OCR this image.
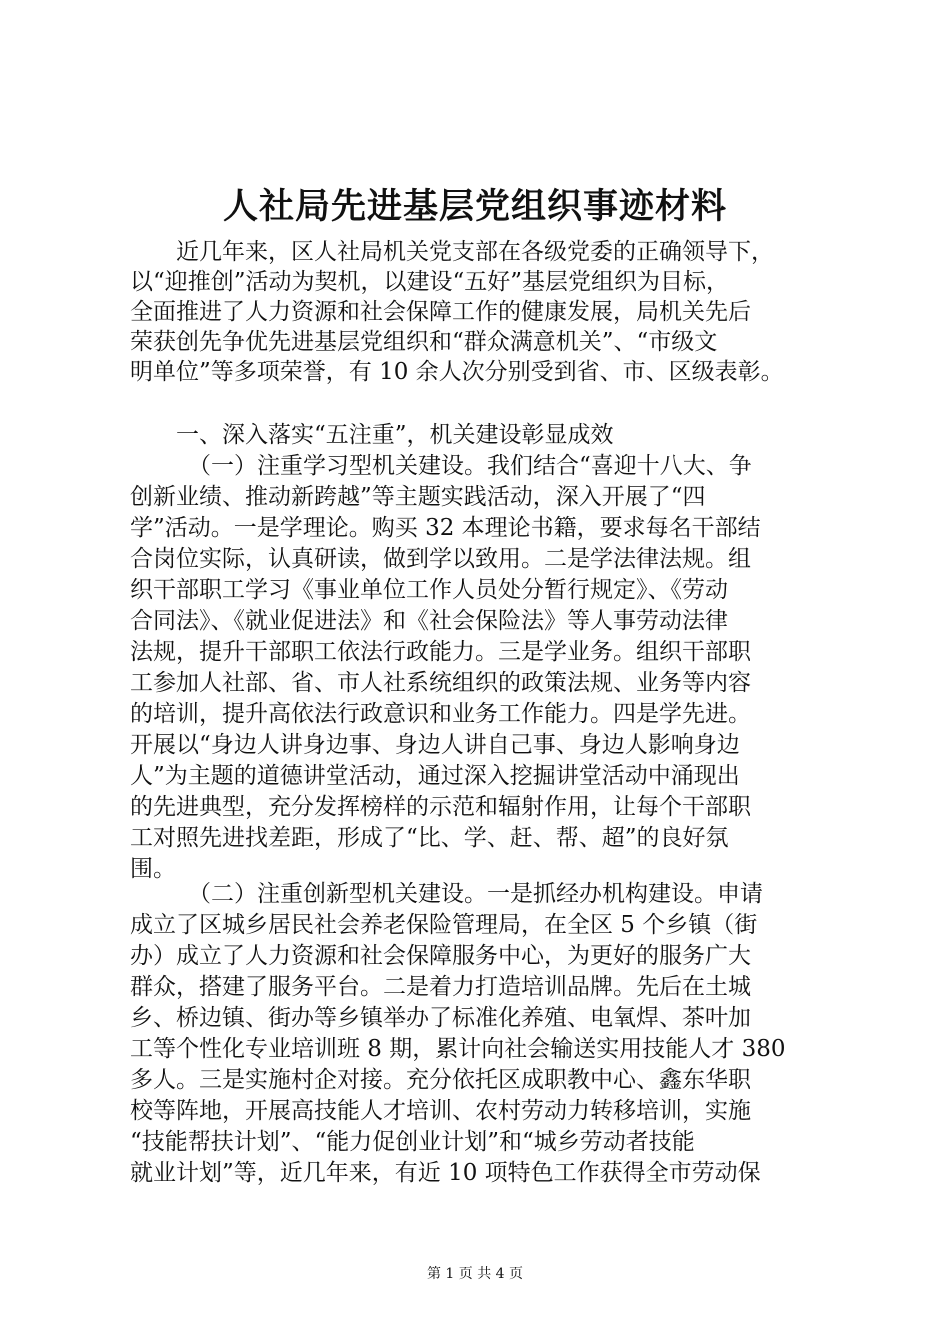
人社局先进基层党组织事迹材料
近几年来，区人社局机关党支部在各级党委的正确领导下，
以“迎推创”活动为契机，以建设“五好”基层党组织为目标，
全面推进了人力资源和社会保障工作的健康发展，局机关先后
荣获创先争优先进基层党组织和“群众满意机关”、“市级文
明单位”等多项荣誉，有 10 余人次分别受到省、市、区级表彰。
一、深入落实“五注重”，机关建设彰显成效
（一）注重学习型机关建设。我们结合“喜迎十八大、争
创新业绩、推动新跨越”等主题实践活动，深入开展了“四
学”活动。一是学理论。购买 32 本理论书籍，要求每名干部结
合岗位实际，认真研读，做到学以致用。二是学法律法规。组
织干部职工学习《事业单位工作人员处分暂行规定》、《劳动
合同法》、《就业促进法》和《社会保险法》等人事劳动法律
法规，提升干部职工依法行政能力。三是学业务。组织干部职
工参加人社部、省、市人社系统组织的政策法规、业务等内容
的培训，提升高依法行政意识和业务工作能力。四是学先进。
开展以“身边人讲身边事、身边人讲自己事、身边人影响身边
人”为主题的道德讲堂活动，通过深入挖掘讲堂活动中涌现出
的先进典型，充分发挥榜样的示范和辐射作用，让每个干部职
工对照先进找差距，形成了“比、学、赶、帮、超”的良好氛
围。
（二）注重创新型机关建设。一是抓经办机构建设。申请
成立了区城乡居民社会养老保险管理局，在全区 5 个乡镇（街
办）成立了人力资源和社会保障服务中心，为更好的服务广大
群众，搭建了服务平台。二是着力打造培训品牌。先后在土城
乡、桥边镇、街办等乡镇举办了标准化养殖、电氧焊、茶叶加
工等个性化专业培训班 8 期，累计向社会输送实用技能人才 380
多人。三是实施村企对接。充分依托区成职教中心、鑫东华职
校等阵地，开展高技能人才培训、农村劳动力转移培训，实施
“技能帮扶计划”、“能力促创业计划”和“城乡劳动者技能
就业计划”等，近几年来，有近 10 项特色工作获得全市劳动保
第 1 页 共 4 页
